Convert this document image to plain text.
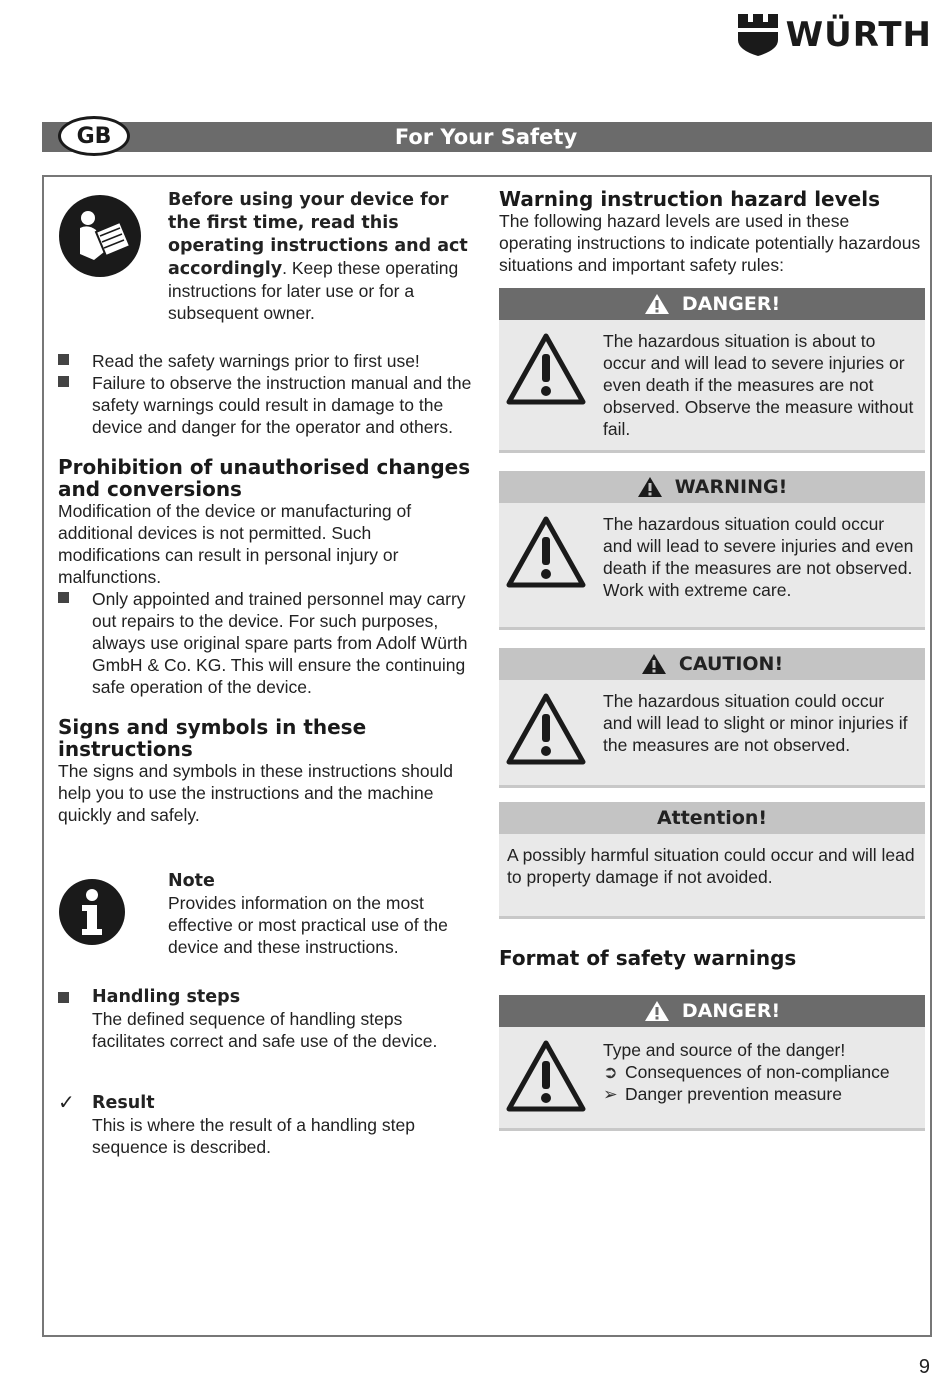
WÜRTH
GB	For Your Safety

Before using your device for the first time, read this operating instructions and act accordingly. Keep these operating instructions for later use or for a subsequent owner.

Read the safety warnings prior to first use!

Failure to observe the instruction manual and the safety warnings could result in damage to the device and danger for the operator and others.

Prohibition of unauthorised changes and conversions

Modification of the device or manufacturing of additional devices is not permitted. Such modifications can result in personal injury or malfunctions.

Only appointed and trained personnel may carry out repairs to the device. For such purposes, always use original spare parts from Adolf Würth GmbH & Co. KG. This will ensure the continuing safe operation of the device.

Signs and symbols in these instructions

The signs and symbols in these instructions should help you to use the instructions and the machine quickly and safely.

Note

Provides information on the most effective or most practical use of the device and these instructions.

Handling steps

The defined sequence of handling steps facilitates correct and safe use of the device.

✓ Result

This is where the result of a handling step sequence is described.

Warning instruction hazard levels

The following hazard levels are used in these operating instructions to indicate potentially hazardous situations and important safety rules:

DANGER!

The hazardous situation is about to occur and will lead to severe injuries or even death if the measures are not observed. Observe the measure without fail.

WARNING!

The hazardous situation could occur and will lead to severe injuries and even death if the measures are not observed. Work with extreme care.

CAUTION!

The hazardous situation could occur and will lead to slight or minor injuries if the measures are not observed.

Attention!

A possibly harmful situation could occur and will lead to property damage if not avoided.

Format of safety warnings
DANGER!

Type and source of the danger!

➲ Consequences of non-compliance
➢ Danger prevention measure
9
